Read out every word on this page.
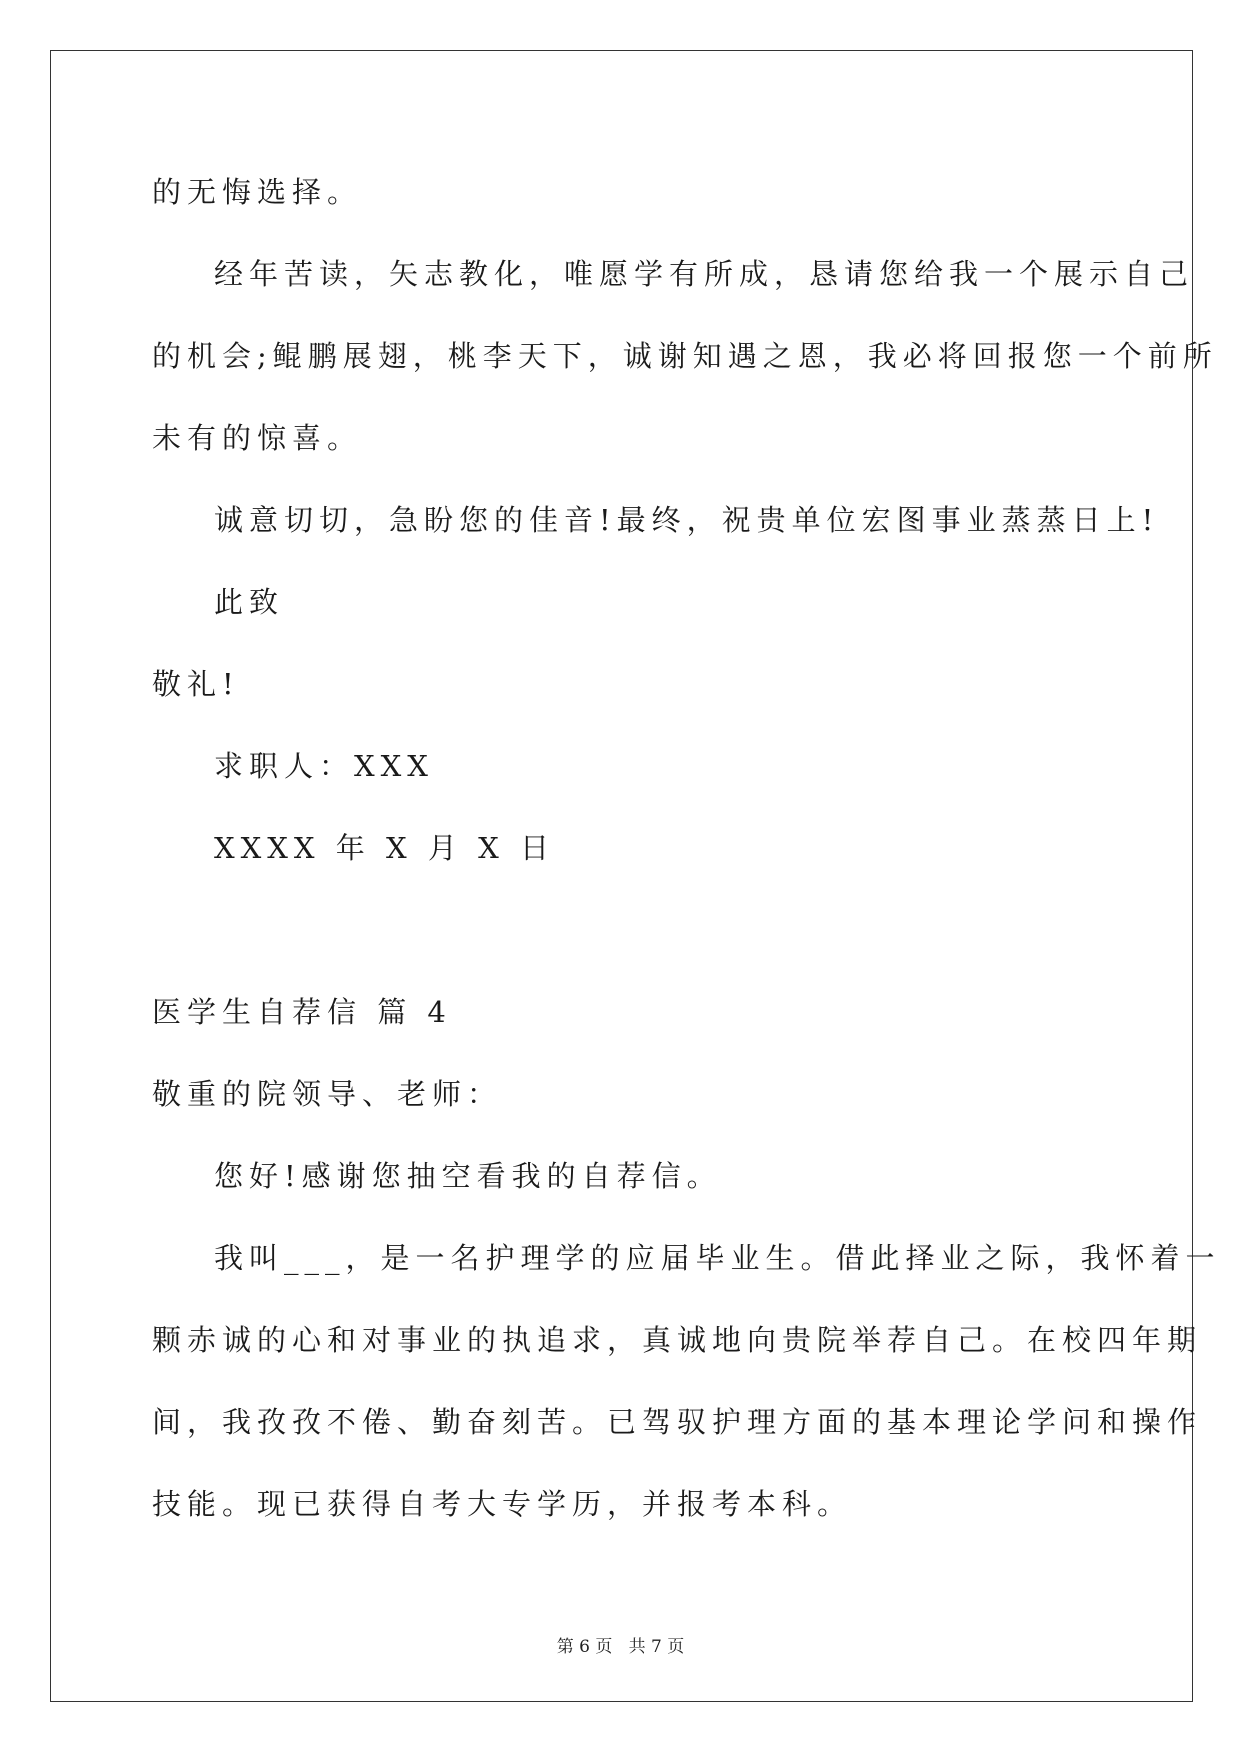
的无悔选择。

经年苦读，矢志教化，唯愿学有所成，恳请您给我一个展示自己

的机会;鲲鹏展翅，桃李天下，诚谢知遇之恩，我必将回报您一个前所

未有的惊喜。

诚意切切，急盼您的佳音!最终，祝贵单位宏图事业蒸蒸日上!

此致

敬礼!

求职人：XXX

XXXX 年 X 月 X 日

医学生自荐信 篇 4

敬重的院领导、老师：

您好!感谢您抽空看我的自荐信。

我叫___，是一名护理学的应届毕业生。借此择业之际，我怀着一

颗赤诚的心和对事业的执追求，真诚地向贵院举荐自己。在校四年期

间，我孜孜不倦、勤奋刻苦。已驾驭护理方面的基本理论学问和操作

技能。现已获得自考大专学历，并报考本科。

第 6 页   共 7 页
